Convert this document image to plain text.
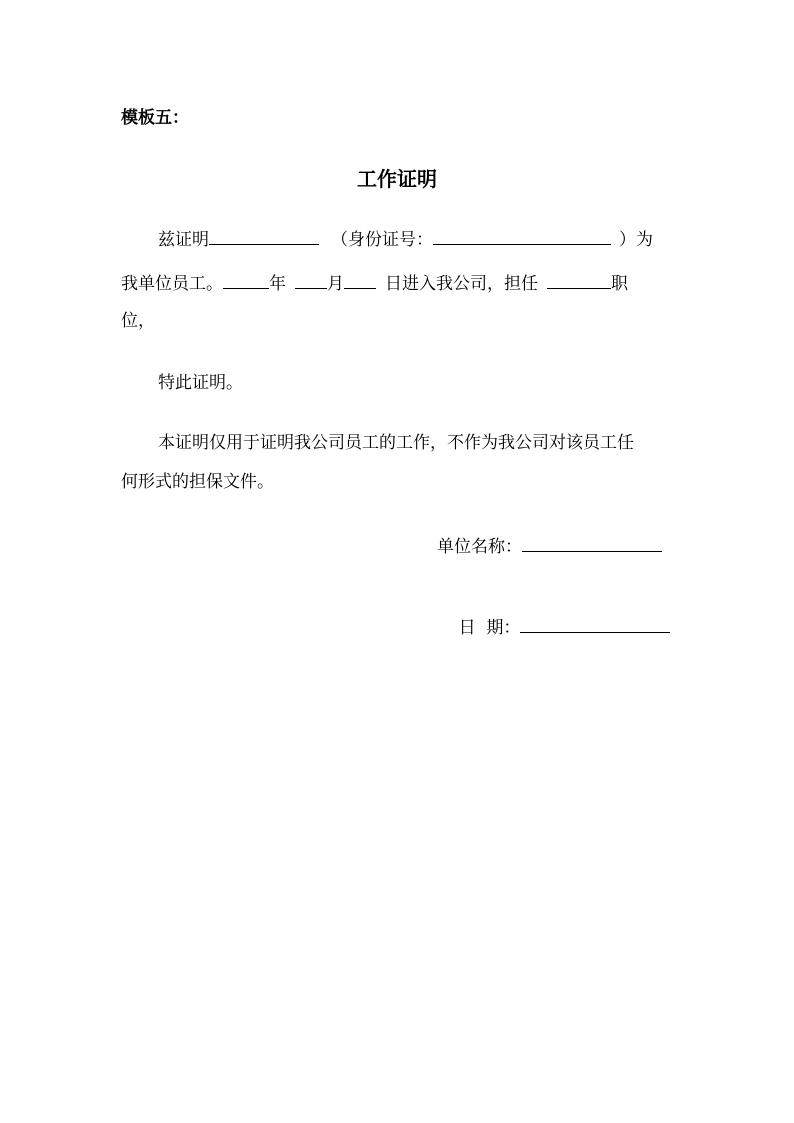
模板五：
工作证明
兹证明	（身份证号：	）为
我单位员工。	年 月 日进入我公司，担任	职
位，
特此证明。
本证明仅用于证明我公司员工的工作，不作为我公司对该员工任
何形式的担保文件。
单位名称：

日  期：
